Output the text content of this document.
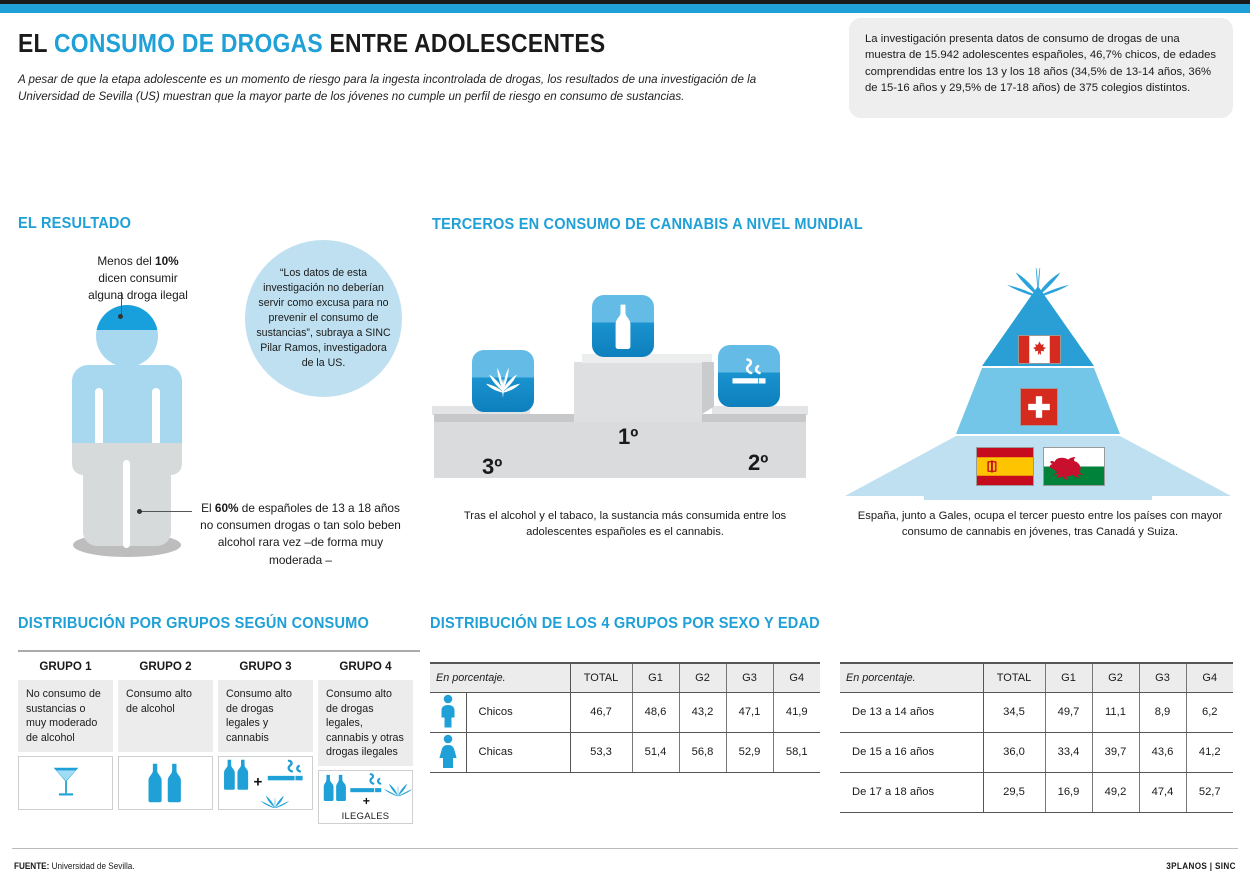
EL CONSUMO DE DROGAS ENTRE ADOLESCENTES
A pesar de que la etapa adolescente es un momento de riesgo para la ingesta incontrolada de drogas, los resultados de una investigación de la Universidad de Sevilla (US) muestran que la mayor parte de los jóvenes no cumple un perfil de riesgo en consumo de sustancias.

La investigación presenta datos de consumo de drogas de una muestra de 15.942 adolescentes españoles, 46,7% chicos, de edades comprendidas entre los 13 y los 18 años (34,5% de 13-14 años, 36% de 15-16 años y 29,5% de 17-18 años) de 375 colegios distintos.

EL RESULTADO	TERCEROS EN CONSUMO DE CANNABIS A NIVEL MUNDIAL
DISTRIBUCIÓN POR GRUPOS SEGÚN CONSUMO	DISTRIBUCIÓN DE LOS 4 GRUPOS POR SEXO Y EDAD
Menos del 10%
dicen consumir
alguna droga ilegal
El 60% de españoles de 13 a 18 años no consumen drogas o tan solo beben alcohol rara vez –de forma muy moderada –

“Los datos de esta investigación no deberían servir como excusa para no prevenir el consumo de sustancias”, subraya a SINC Pilar Ramos, investigadora de la US.

1º
2º
3º
Tras el alcohol y el tabaco, la sustancia más consumida entre los adolescentes españoles es el cannabis.
España, junto a Gales, ocupa el tercer puesto entre los países con mayor consumo de cannabis en jóvenes, tras Canadá y Suiza.
GRUPO 1
No consumo de sustancias o muy moderado de alcohol
GRUPO 2
Consumo alto de alcohol
GRUPO 3
Consumo alto de drogas legales y cannabis
+
GRUPO 4
Consumo alto de drogas legales, cannabis y otras drogas ilegales
+
ILEGALES
En porcentaje.		TOTAL	G1	G2	G3	G4
	Chicos	46,7	48,6	43,2	47,1	41,9
	Chicas	53,3	51,4	56,8	52,9	58,1
En porcentaje.	TOTAL	G1	G2	G3	G4
De 13 a 14 años	34,5	49,7	11,1	8,9	6,2
De 15 a 16 años	36,0	33,4	39,7	43,6	41,2
De 17 a 18 años	29,5	16,9	49,2	47,4	52,7
FUENTE: Universidad de Sevilla.	3PLANOS | SINC
